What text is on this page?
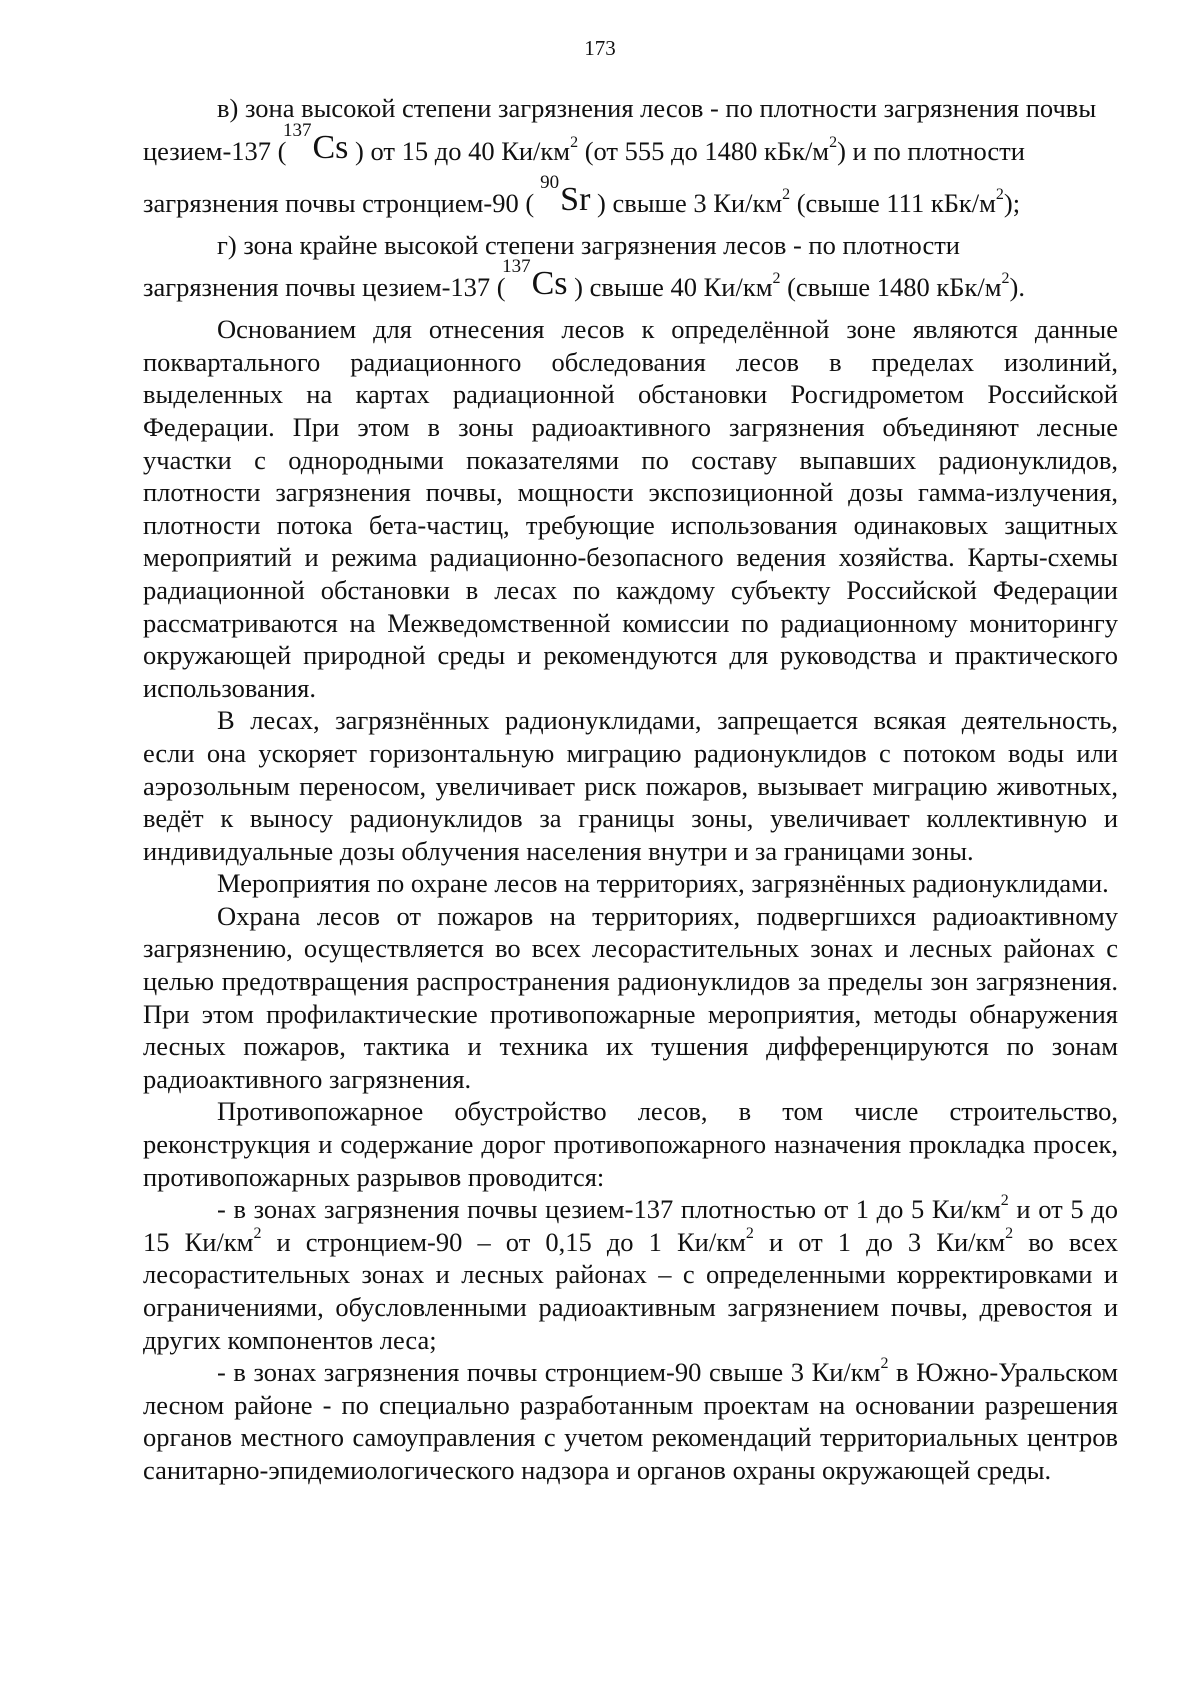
173

в) зона высокой степени загрязнения лесов - по плотности загрязнения почвы

цезием-137 (
137 Cs ) от 15 до 40 $Ки/км^2$ (от 555 до 1480 кБк/$м^2$) и по плотности

загрязнения почвы стронцием-90 (
90 Sr ) свыше 3 $Ки/км^2$ (свыше 111 кБк/$м^2$);

г) зона крайне высокой степени загрязнения лесов - по плотности

загрязнения почвы цезием-137 (
137 Cs ) свыше 40 $Ки/км^2$ (свыше 1480 кБк/$м^2$).

Основанием для отнесения лесов к определённой зоне являются данные поквартального радиационного обследования лесов в пределах изолиний, выделенных на картах радиационной обстановки Росгидрометом Российской Федерации. При этом в зоны радиоактивного загрязнения объединяют лесные участки с однородными показателями по составу выпавших радионуклидов, плотности загрязнения почвы, мощности экспозиционной дозы гамма-излучения, плотности потока бета-частиц, требующие использования одинаковых защитных мероприятий и режима радиационно-безопасного ведения хозяйства. Карты-схемы радиационной обстановки в лесах по каждому субъекту Российской Федерации рассматриваются на Межведомственной комиссии по радиационному мониторингу окружающей природной среды и рекомендуются для руководства и практического использования.

В лесах, загрязнённых радионуклидами, запрещается всякая деятельность, если она ускоряет горизонтальную миграцию радионуклидов с потоком воды или аэрозольным переносом, увеличивает риск пожаров, вызывает миграцию животных, ведёт к выносу радионуклидов за границы зоны, увеличивает коллективную и индивидуальные дозы облучения населения внутри и за границами зоны.

Мероприятия по охране лесов на территориях, загрязнённых радионуклидами.

Охрана лесов от пожаров на территориях, подвергшихся радиоактивному загрязнению, осуществляется во всех лесорастительных зонах и лесных районах с целью предотвращения распространения радионуклидов за пределы зон загрязнения. При этом профилактические противопожарные мероприятия, методы обнаружения лесных пожаров, тактика и техника их тушения дифференцируются по зонам радиоактивного загрязнения.

Противопожарное обустройство лесов, в том числе строительство, реконструкция и содержание дорог противопожарного назначения прокладка просек, противопожарных разрывов проводится:

- в зонах загрязнения почвы цезием-137 плотностью от 1 до 5 $Ки/км^2$ и от 5 до 15 $Ки/км^2$ и стронцием-90 – от 0,15 до 1 $Ки/км^2$ и от 1 до 3 $Ки/км^2$ во всех лесорастительных зонах и лесных районах – с определенными корректировками и ограничениями, обусловленными радиоактивным загрязнением почвы, древостоя и других компонентов леса;

- в зонах загрязнения почвы стронцием-90 свыше 3 $Ки/км^2$ в Южно-Уральском лесном районе - по специально разработанным проектам на основании разрешения органов местного самоуправления с учетом рекомендаций территориальных центров санитарно-эпидемиологического надзора и органов охраны окружающей среды.
